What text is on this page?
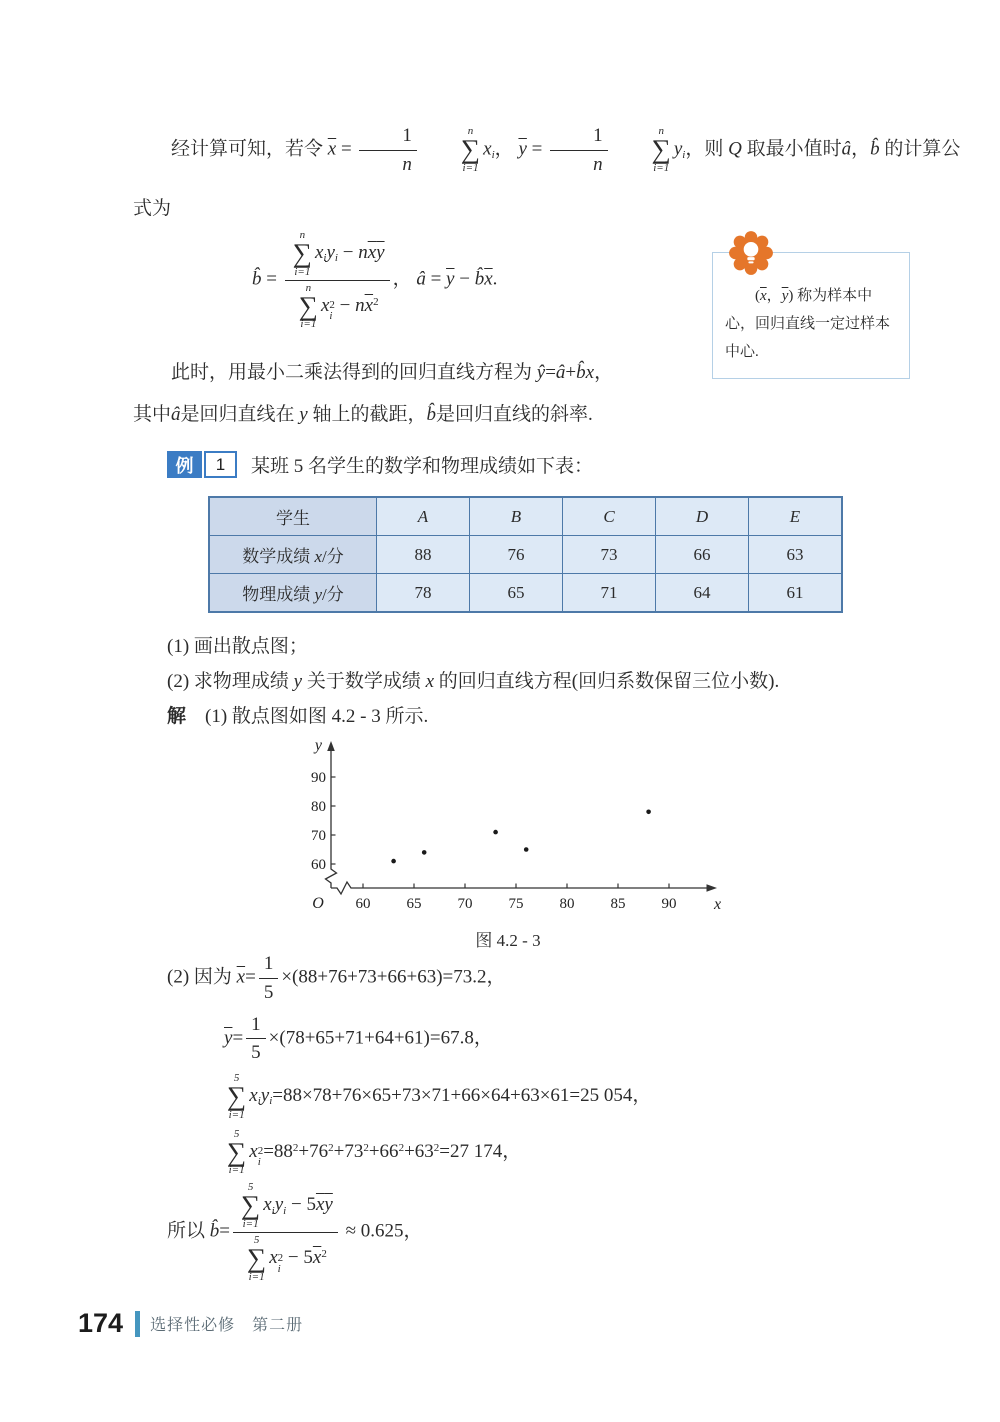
经计算可知，若令 $\overline{x} = \frac{1}{n}$	n
∑
i=1
xi， $\overline{y} = \frac{1}{n}$	n
∑
i=1
yi，则 Q 取最小值时â，b̂ 的计算公
式为
b̂ = n
∑
i=1
xiyi − $n\overline{x}\overline{y}$
n
∑
i=1
x 2
i
− $n\overline{x}^2$ ， â = $\overline{y}$ − $b̂\overline{x}$.
($\overline{x}$，$\overline{y}$) 称为样本中心，回归直线一定过样本中心.
此时，用最小二乘法得到的回归直线方程为 ŷ=â+b̂x，
其中â是回归直线在 y 轴上的截距，b̂是回归直线的斜率.
例	1	某班 5 名学生的数学和物理成绩如下表：
学生	A	B	C	D	E
数学成绩 x/分	88	76	73	66	63
物理成绩 y/分	78	65	71	64	61
(1) 画出散点图；
(2) 求物理成绩 y 关于数学成绩 x 的回归直线方程(回归系数保留三位小数).
解　(1) 散点图如图 4.2 - 3 所示.
60 65 70 75 80 85 90
60
70
80
90
y
x
O
图 4.2 - 3
(2) 因为 $\overline{x}= \frac{1}{5} \times(88+76+73+66+63)=73.2$，
$\overline{y}= \frac{1}{5} \times(78+65+71+64+61)=67.8$，
5
∑
i=1
xiyi=88×78+76×65+73×71+66×64+63×61=25 054，
5
∑
i=1
x 2
i
$=88^2+76^2+73^2+66^2+63^2=27$ 174，
所以 b̂= 5
∑
i=1
xiyi − $5\overline{x}\overline{y}$
5
∑
i=1
x 2
i
− $5\overline{x}^2 \approx 0.625$，
174 选择性必修　第二册
